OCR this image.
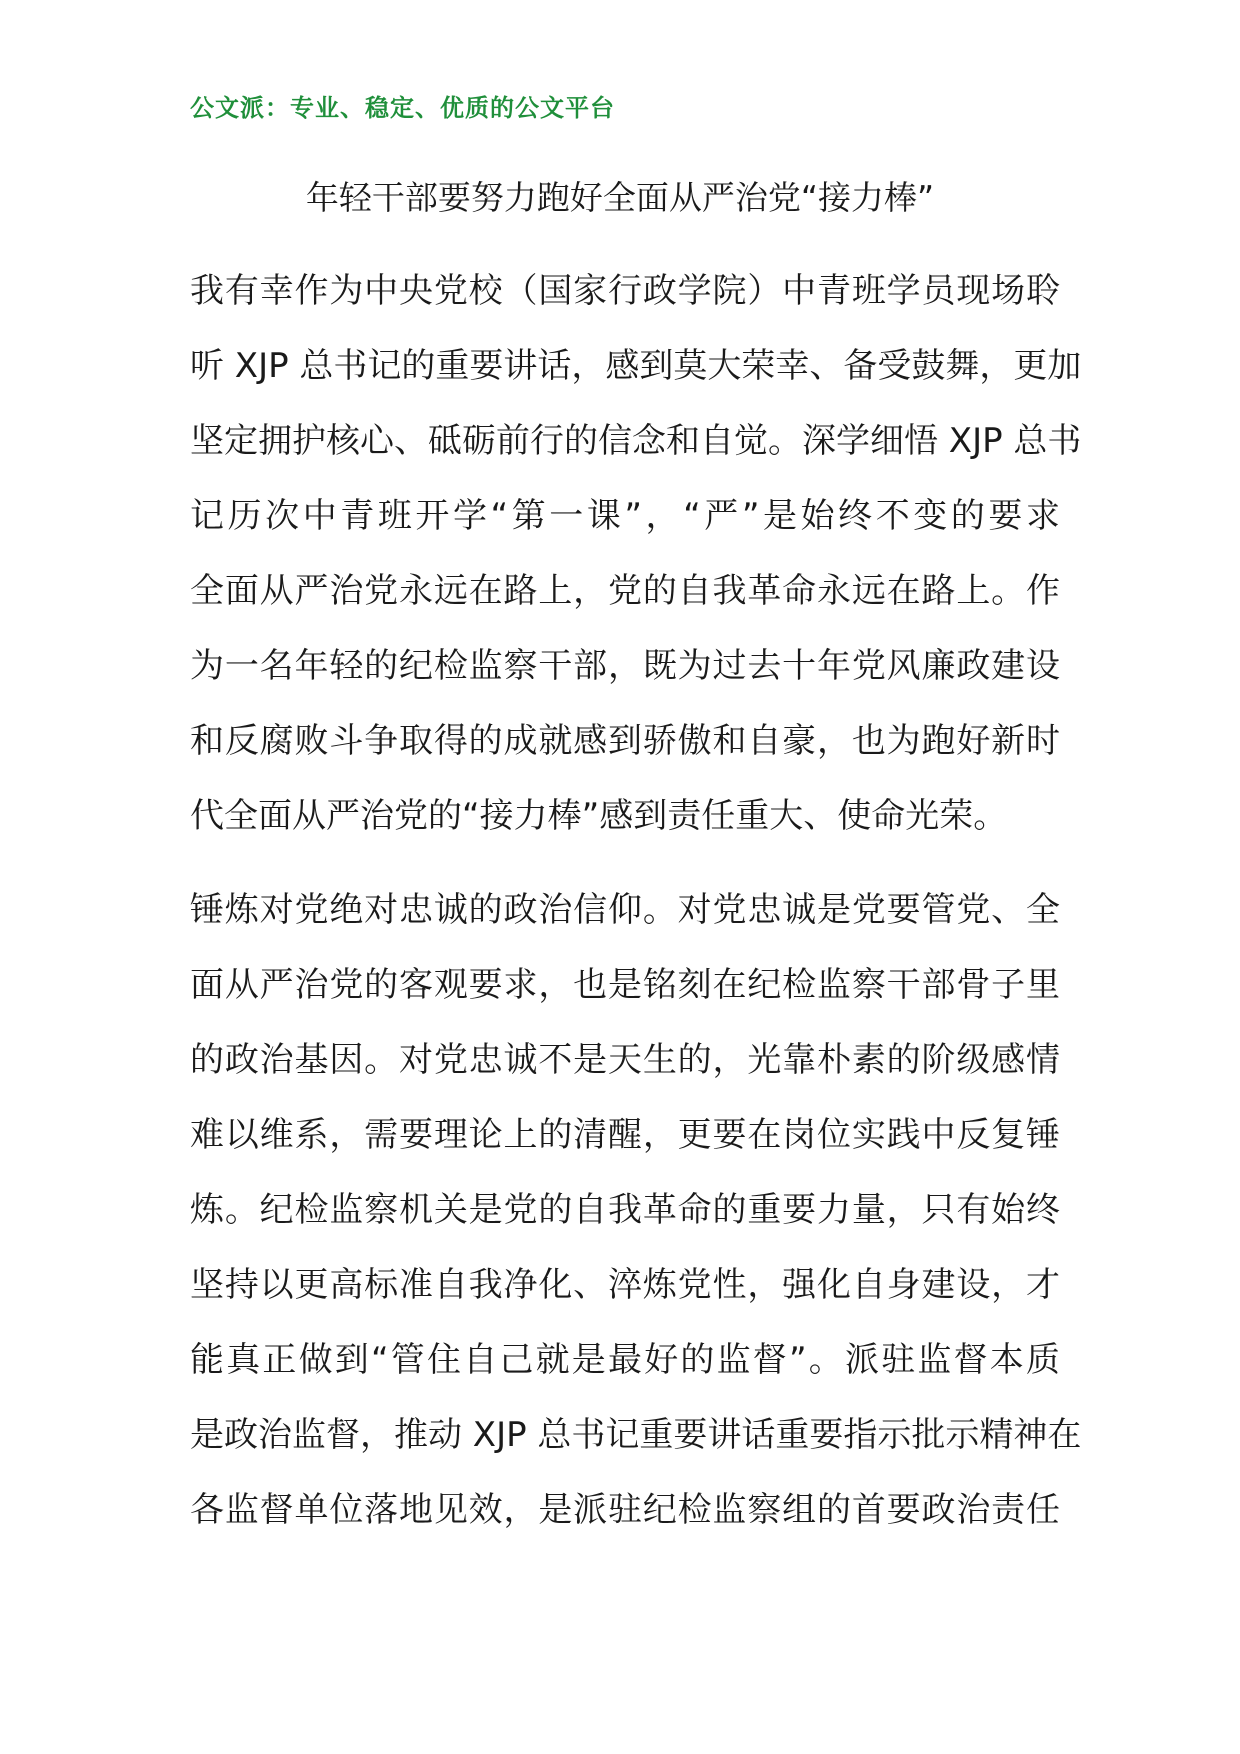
公文派：专业、稳定、优质的公文平台
年轻干部要努力跑好全面从严治党“接力棒”
我有幸作为中央党校（国家行政学院）中青班学员现场聆
听 XJP 总书记的重要讲话，感到莫大荣幸、备受鼓舞，更加
坚定拥护核心、砥砺前行的信念和自觉。深学细悟 XJP 总书
记历次中青班开学“第一课”，“严”是始终不变的要求
全面从严治党永远在路上，党的自我革命永远在路上。作
为一名年轻的纪检监察干部，既为过去十年党风廉政建设
和反腐败斗争取得的成就感到骄傲和自豪，也为跑好新时
代全面从严治党的“接力棒”感到责任重大、使命光荣。
锤炼对党绝对忠诚的政治信仰。对党忠诚是党要管党、全
面从严治党的客观要求，也是铭刻在纪检监察干部骨子里
的政治基因。对党忠诚不是天生的，光靠朴素的阶级感情
难以维系，需要理论上的清醒，更要在岗位实践中反复锤
炼。纪检监察机关是党的自我革命的重要力量，只有始终
坚持以更高标准自我净化、淬炼党性，强化自身建设，才
能真正做到“管住自己就是最好的监督”。派驻监督本质
是政治监督，推动 XJP 总书记重要讲话重要指示批示精神在
各监督单位落地见效，是派驻纪检监察组的首要政治责任
